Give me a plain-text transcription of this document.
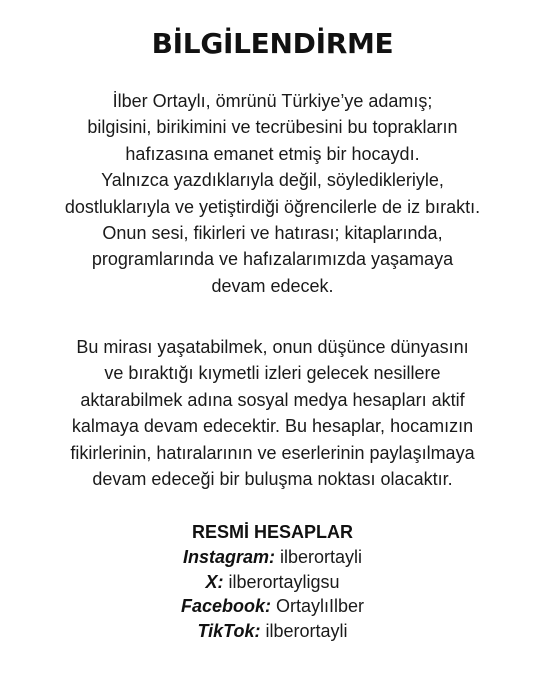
BİLGİLENDİRME
İlber Ortaylı, ömrünü Türkiye’ye adamış;
bilgisini, birikimini ve tecrübesini bu toprakların
hafızasına emanet etmiş bir hocaydı.
Yalnızca yazdıklarıyla değil, söyledikleriyle,
dostluklarıyla ve yetiştirdiği öğrencilerle de iz bıraktı.
Onun sesi, fikirleri ve hatırası; kitaplarında,
programlarında ve hafızalarımızda yaşamaya
devam edecek.
Bu mirası yaşatabilmek, onun düşünce dünyasını
ve bıraktığı kıymetli izleri gelecek nesillere
aktarabilmek adına sosyal medya hesapları aktif
kalmaya devam edecektir. Bu hesaplar, hocamızın
fikirlerinin, hatıralarının ve eserlerinin paylaşılmaya
devam edeceği bir buluşma noktası olacaktır.
RESMİ HESAPLAR
Instagram: ilberortayli
X: ilberortayligsu
Facebook: OrtaylıIlber
TikTok: ilberortayli
